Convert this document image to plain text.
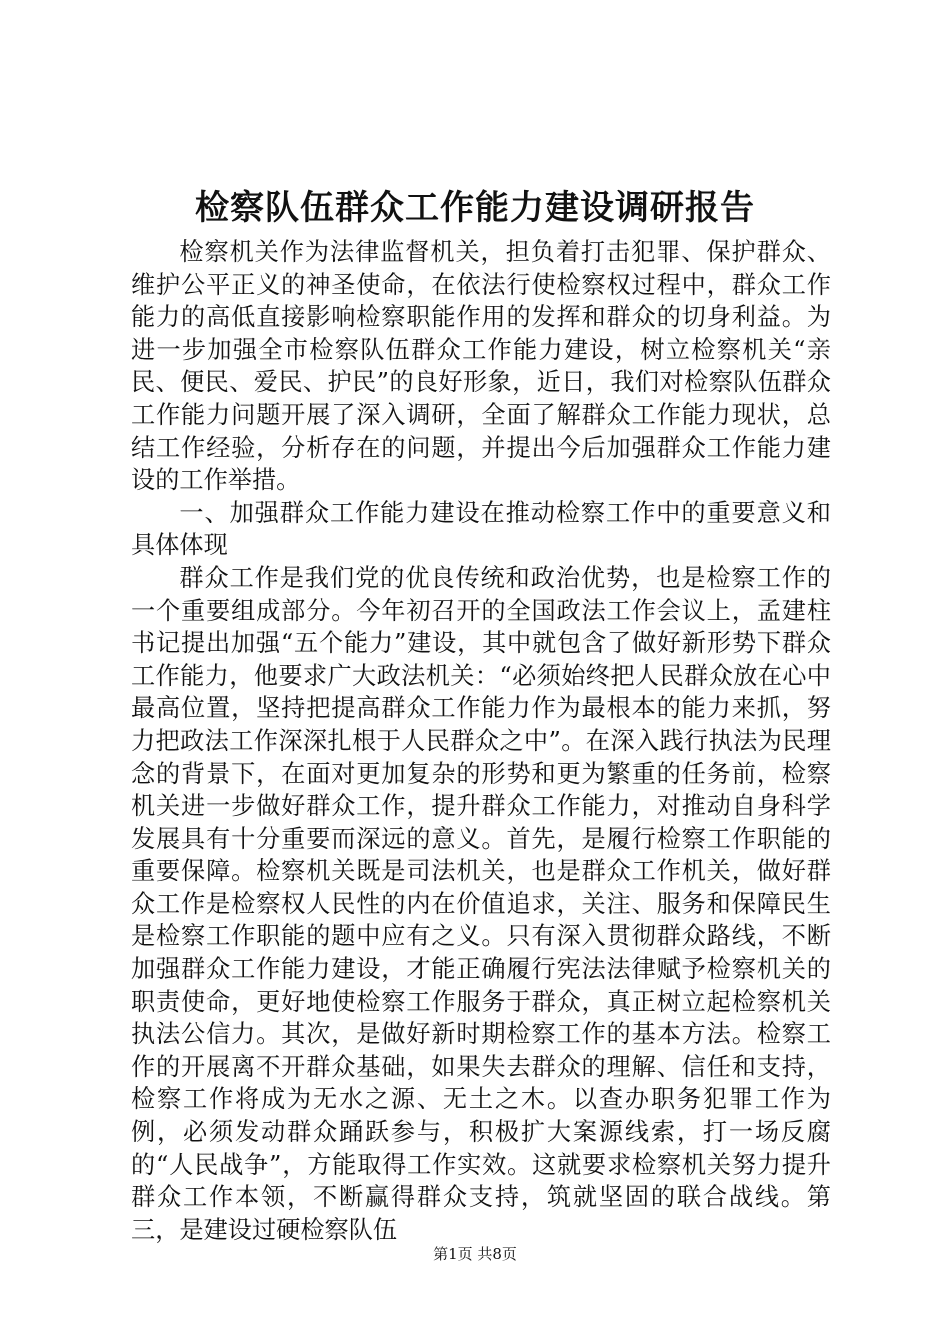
检察队伍群众工作能力建设调研报告

检察机关作为法律监督机关，担负着打击犯罪、保护群众、维护公平正义的神圣使命，在依法行使检察权过程中，群众工作能力的高低直接影响检察职能作用的发挥和群众的切身利益。为进一步加强全市检察队伍群众工作能力建设，树立检察机关“亲民、便民、爱民、护民”的良好形象，近日，我们对检察队伍群众工作能力问题开展了深入调研，全面了解群众工作能力现状，总结工作经验，分析存在的问题，并提出今后加强群众工作能力建设的工作举措。

一、加强群众工作能力建设在推动检察工作中的重要意义和具体体现

群众工作是我们党的优良传统和政治优势，也是检察工作的一个重要组成部分。今年初召开的全国政法工作会议上，孟建柱书记提出加强“五个能力”建设，其中就包含了做好新形势下群众工作能力，他要求广大政法机关：“必须始终把人民群众放在心中最高位置，坚持把提高群众工作能力作为最根本的能力来抓，努力把政法工作深深扎根于人民群众之中”。在深入践行执法为民理念的背景下，在面对更加复杂的形势和更为繁重的任务前，检察机关进一步做好群众工作，提升群众工作能力，对推动自身科学发展具有十分重要而深远的意义。首先，是履行检察工作职能的重要保障。检察机关既是司法机关，也是群众工作机关，做好群众工作是检察权人民性的内在价值追求，关注、服务和保障民生是检察工作职能的题中应有之义。只有深入贯彻群众路线，不断加强群众工作能力建设，才能正确履行宪法法律赋予检察机关的职责使命，更好地使检察工作服务于群众，真正树立起检察机关执法公信力。其次，是做好新时期检察工作的基本方法。检察工作的开展离不开群众基础，如果失去群众的理解、信任和支持，检察工作将成为无水之源、无土之木。以查办职务犯罪工作为例，必须发动群众踊跃参与，积极扩大案源线索，打一场反腐的“人民战争”，方能取得工作实效。这就要求检察机关努力提升群众工作本领，不断赢得群众支持，筑就坚固的联合战线。第三，是建设过硬检察队伍

第1页 共8页
